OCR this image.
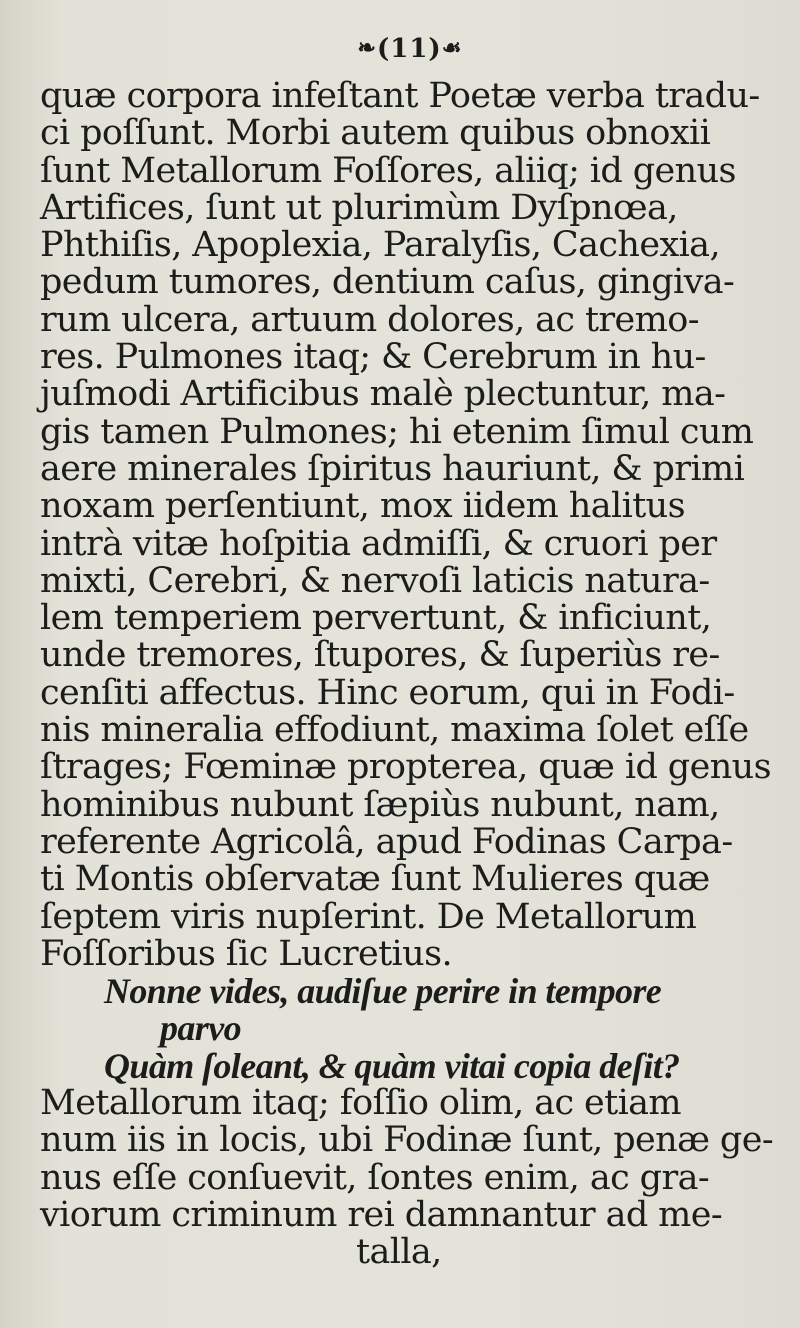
❧(11)☙
quæ corpora infeſtant Poetæ verba tradu-
ci poſſunt. Morbi autem quibus obnoxii
ſunt Metallorum Foſſores, aliiq; id genus
Artifices, ſunt ut plurimùm Dyſpnœa,
Phthiſis, Apoplexia, Paralyſis, Cachexia,
pedum tumores, dentium caſus, gingiva-
rum ulcera, artuum dolores, ac tremo-
res. Pulmones itaq; & Cerebrum in hu-
juſmodi Artificibus malè plectuntur, ma-
gis tamen Pulmones; hi etenim ſimul cum
aere minerales ſpiritus hauriunt, & primi
noxam perſentiunt, mox iidem halitus
intrà vitæ hoſpitia admiſſi, & cruori per
mixti, Cerebri, & nervoſi laticis natura-
lem temperiem pervertunt, & inficiunt,
unde tremores, ſtupores, & ſuperiùs re-
cenſiti affectus. Hinc eorum, qui in Fodi-
nis mineralia effodiunt, maxima ſolet eſſe
ſtrages; Fœminæ propterea, quæ id genus
hominibus nubunt ſæpiùs nubunt, nam,
referente Agricolâ, apud Fodinas Carpa-
ti Montis obſervatæ ſunt Mulieres quæ
ſeptem viris nupſerint. De Metallorum
Foſſoribus ſic Lucretius.
Nonne vides, audiſue perire in tempore
parvo
Quàm ſoleant, & quàm vitai copia deſit?
Metallorum itaq; foſſio olim, ac etiam
num iis in locis, ubi Fodinæ ſunt, penæ ge-
nus eſſe conſuevit, ſontes enim, ac gra-
viorum criminum rei damnantur ad me-
talla,
